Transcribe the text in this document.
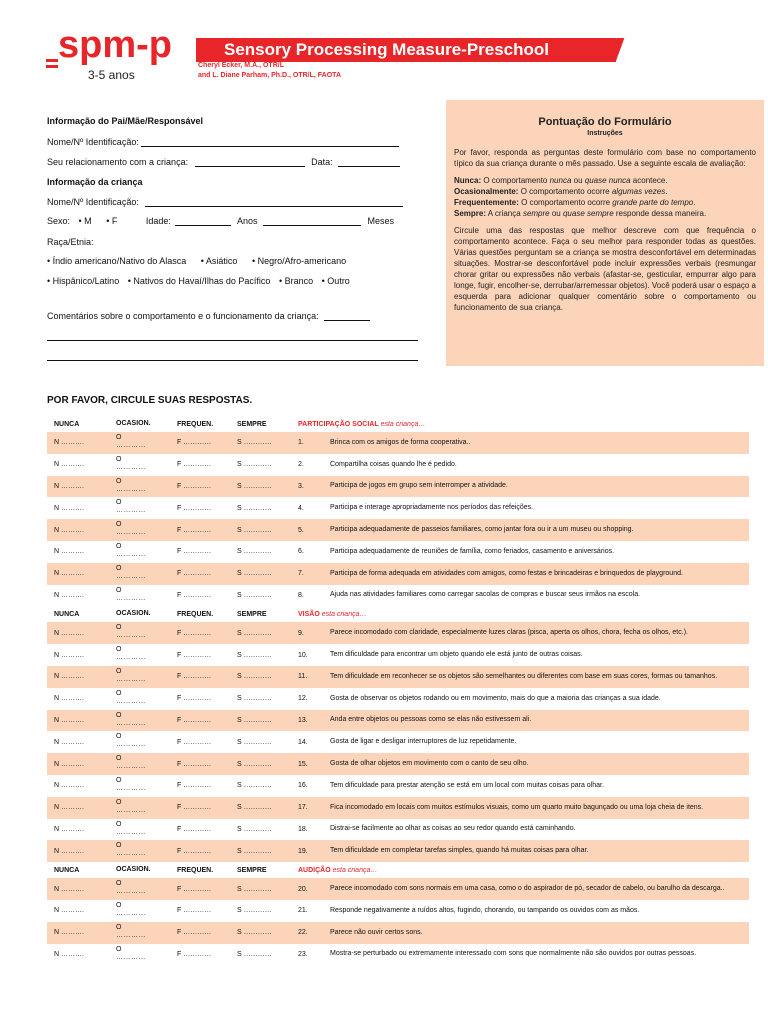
spm-p
3-5 anos
Sensory Processing Measure-Preschool
Cheryl Ecker, M.A., OTR/L
and L. Diane Parham, Ph.D., OTR/L, FAOTA
Informação do Pai/Mãe/Responsável
Nome/Nº Identificação:
Seu relacionamento com a criança:	Data:
Informação da criança
Nome/Nº Identificação:
Sexo: • M • F	Idade:	Anos	Meses
Raça/Etnia:
• Índio americano/Nativo do Alasca • Asiático • Negro/Afro-americano
• Hispânico/Latino • Nativos do Havaí/Ilhas do Pacífico • Branco • Outro
Comentários sobre o comportamento e o funcionamento da criança:
Pontuação do Formulário
Instruções

Por favor, responda as perguntas deste formulário com base no comportamento típico da sua criança durante o mês passado. Use a seguinte escala de avaliação:

Nunca: O comportamento nunca ou quase nunca acontece.
Ocasionalmente: O comportamento ocorre algumas vezes.
Frequentemente: O comportamento ocorre grande parte do tempo.
Sempre: A criança sempre ou quase sempre responde dessa maneira.

Circule uma das respostas que melhor descreve com que frequência o comportamento acontece. Faça o seu melhor para responder todas as questões. Várias questões perguntam se a criança se mostra desconfortável em determinadas situações. Mostrar-se desconfortável pode incluir expressões verbais (resmungar chorar gritar ou expressões não verbais (afastar-se, gesticular, empurrar algo para longe, fugir, encolher-se, derrubar/arremessar objetos). Você poderá usar o espaço a esquerda para adicionar qualquer comentário sobre o comportamento ou funcionamento de sua criança.

POR FAVOR, CIRCULE SUAS RESPOSTAS.
NUNCA	OCASION.	FREQUEN.	SEMPRE	PARTICIPAÇÃO SOCIAL
esta criança…
N ……….
O
…………	F …………	S …………	1.	Brinca com os amigos de forma cooperativa..
N ……….
O
…………	F …………	S …………	2.	Compartilha coisas quando lhe é pedido.
N ……….
O
…………	F …………	S …………	3.	Participa de jogos em grupo sem interromper a atividade.
N ……….
O
…………	F …………	S …………	4.	Participa e interage apropriadamente nos períodos das refeições.
N ……….
O
…………	F …………	S …………	5.	Participa adequadamente de passeios familiares, como jantar fora ou ir a um museu ou shopping.
N ……….
O
…………	F …………	S …………	6.	Participa adequadamente de reuniões de família, como feriados, casamento e aniversários.
N ……….
O
…………	F …………	S …………	7.	Participa de forma adequada em atividades com amigos, como festas e brincadeiras e brinquedos de playground.
N ……….
O
…………	F …………	S …………	8.	Ajuda nas atividades familiares como carregar sacolas de compras e buscar seus irmãos na escola.
NUNCA	OCASION.	FREQUEN.	SEMPRE	VISÃO
esta criança…
N ……….
O
…………	F …………	S …………	9.	Parece incomodado com claridade, especialmente luzes claras (pisca, aperta os olhos, chora, fecha os olhos, etc.).
N ……….
O
…………	F …………	S …………	10.	Tem dificuldade para encontrar um objeto quando ele está junto de outras coisas.
N ……….
O
…………	F …………	S …………	11.	Tem dificuldade em reconhecer se os objetos são semelhantes ou diferentes com base em suas cores, formas ou tamanhos.
N ……….
O
…………	F …………	S …………	12.	Gosta de observar os objetos rodando ou em movimento, mais do que a maioria das crianças a sua idade.
N ……….
O
…………	F …………	S …………	13.	Anda entre objetos ou pessoas como se elas não estivessem ali.
N ……….
O
…………	F …………	S …………	14.	Gosta de ligar e desligar interruptores de luz repetidamente.
N ……….
O
…………	F …………	S …………	15.	Gosta de olhar objetos em movimento com o canto de seu olho.
N ……….
O
…………	F …………	S …………	16.	Tem dificuldade para prestar atenção se está em um local com muitas coisas para olhar.
N ……….
O
…………	F …………	S …………	17.	Fica incomodado em locais com muitos estímulos visuais, como um quarto muito bagunçado ou uma loja cheia de itens.
N ……….
O
…………	F …………	S …………	18.	Distrai-se facilmente ao olhar as coisas ao seu redor quando está caminhando.
N ……….
O
…………	F …………	S …………	19.	Tem dificuldade em completar tarefas simples, quando há muitas coisas para olhar.
NUNCA	OCASION.	FREQUEN.	SEMPRE	AUDIÇÃO
esta criança…
N ……….
O
…………	F …………	S …………	20.	Parece incomodado com sons normais em uma casa, como o do aspirador de pó, secador de cabelo, ou barulho da descarga..
N ……….
O
…………	F …………	S …………	21.	Responde negativamente a ruídos altos, fugindo, chorando, ou tampando os ouvidos com as mãos.
N ……….
O
…………	F …………	S …………	22.	Parece não ouvir certos sons.
N ……….
O
…………	F …………	S …………	23.	Mostra-se perturbado ou extremamente interessado com sons que normalmente não são ouvidos por outras pessoas.
